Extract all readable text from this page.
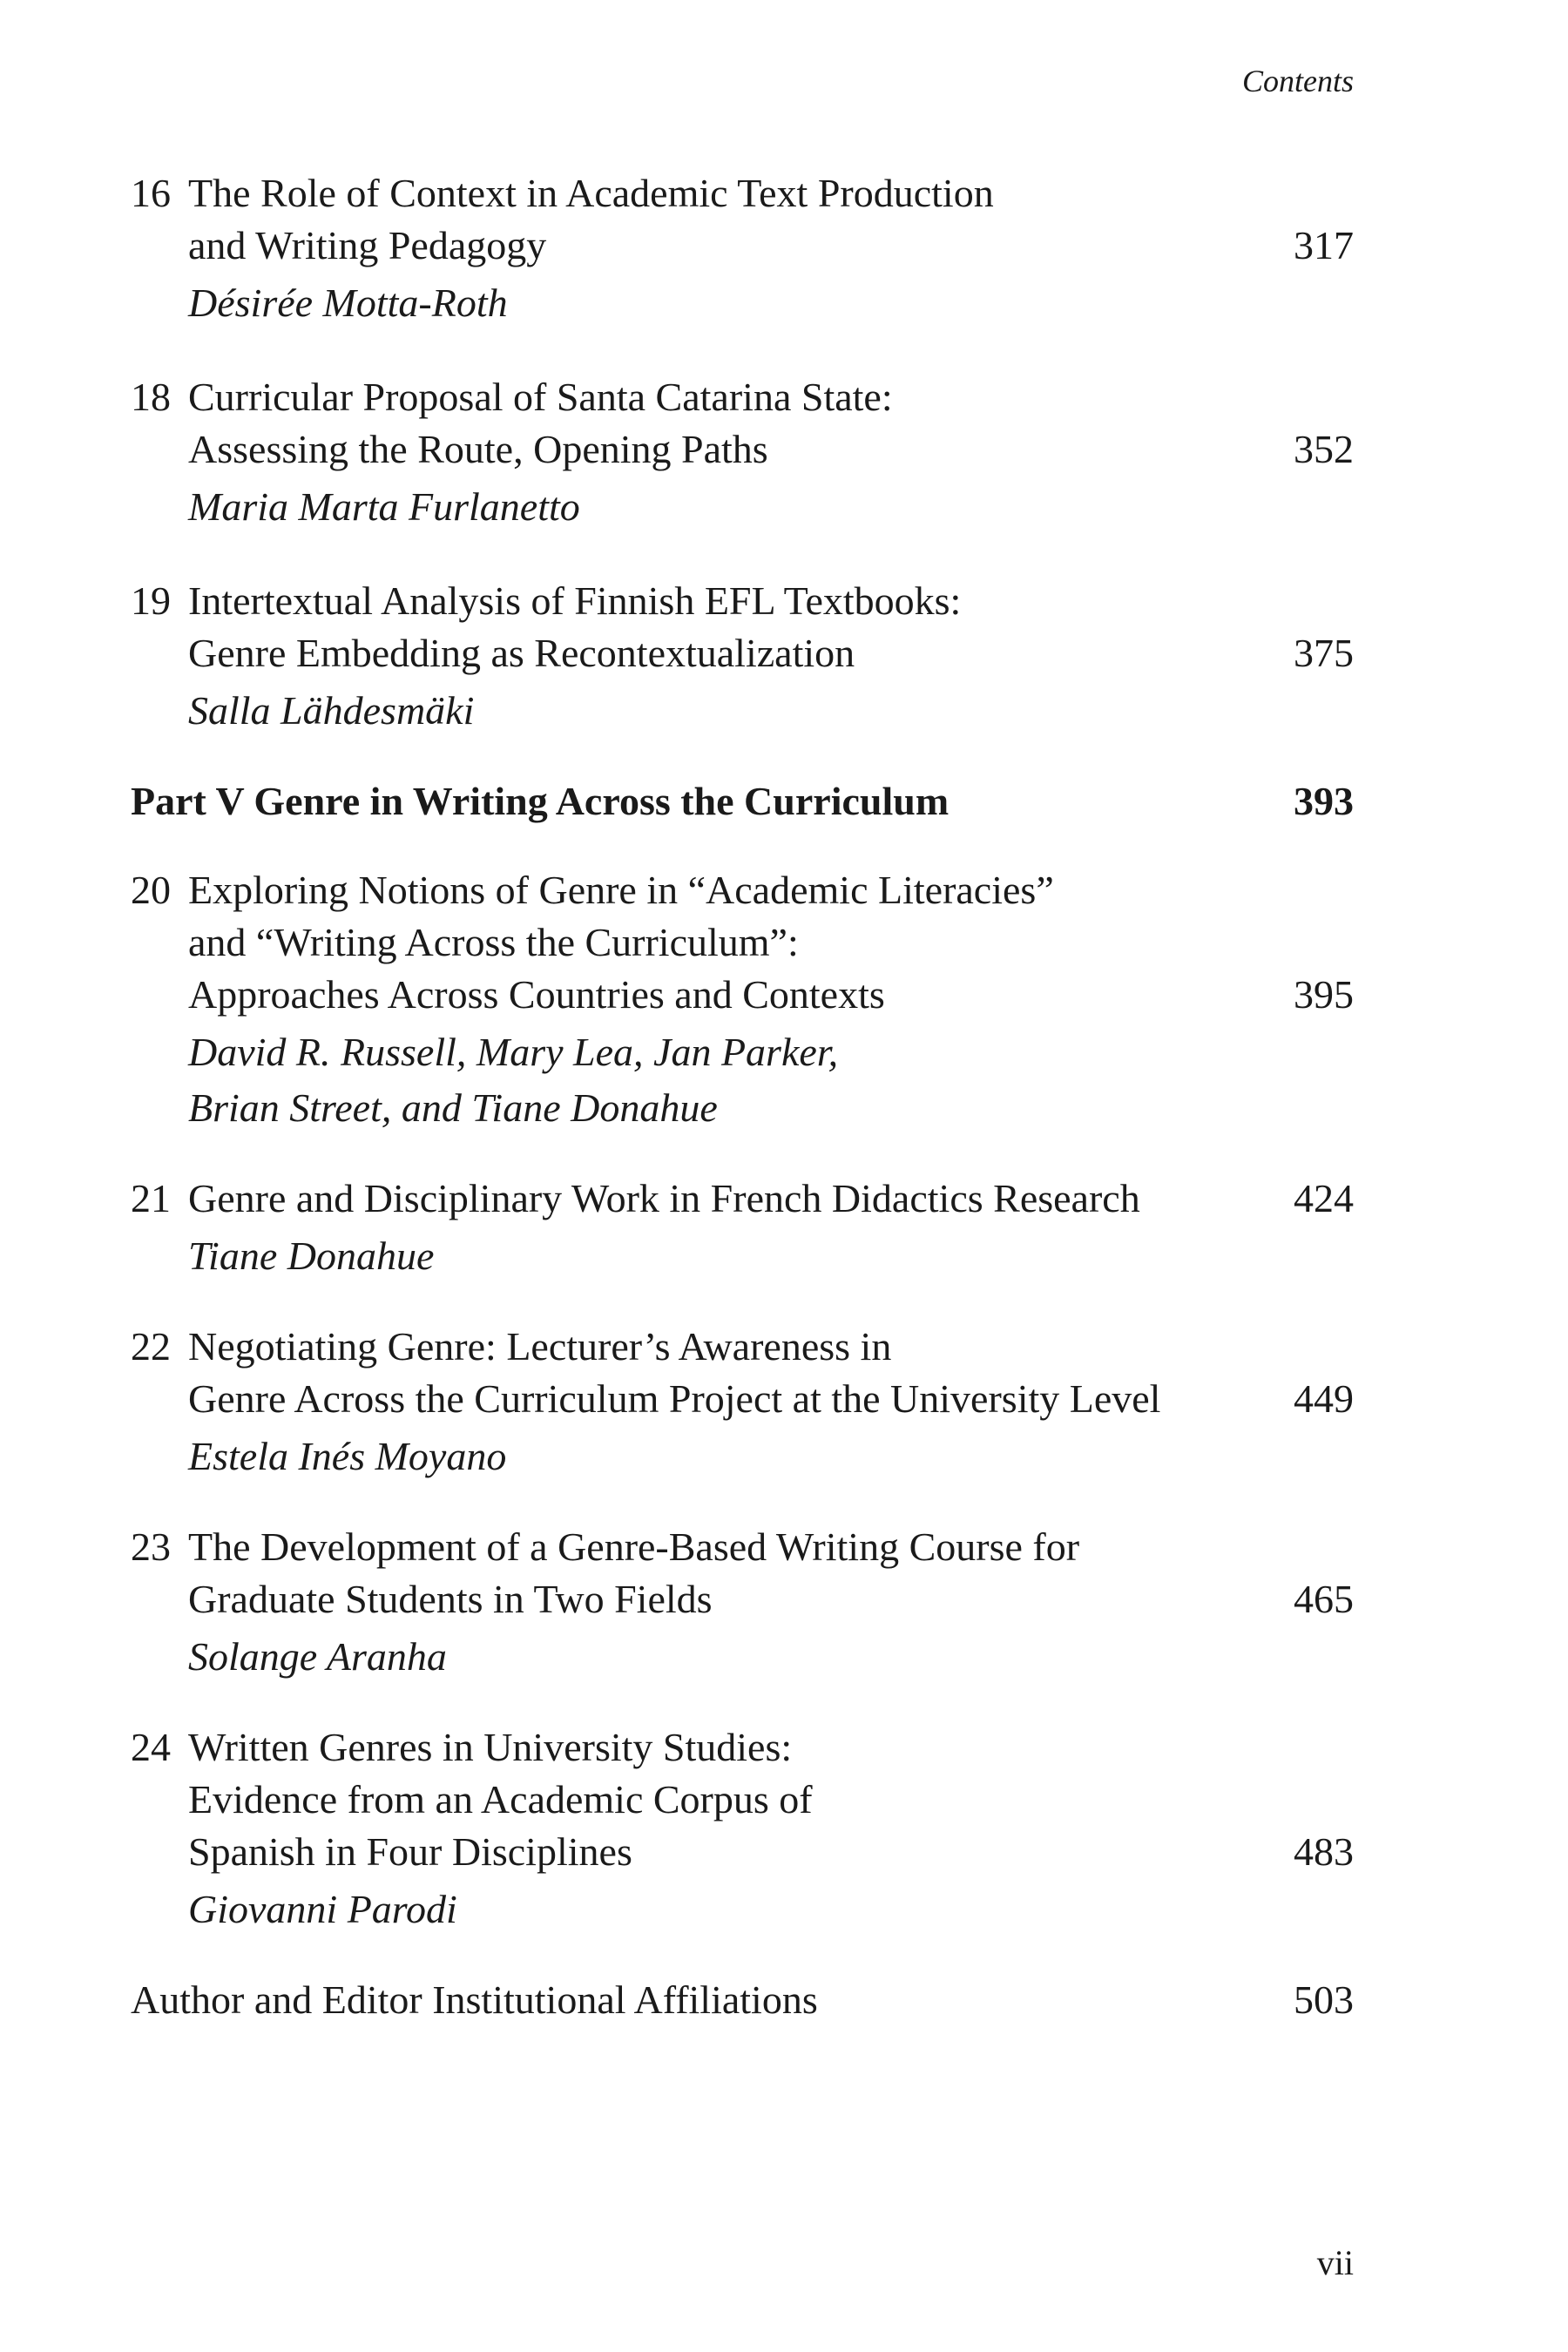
Contents
16 The Role of Context in Academic Text Production
and Writing Pedagogy	317
Désirée Motta-Roth
18 Curricular Proposal of Santa Catarina State:
Assessing the Route, Opening Paths	352
Maria Marta Furlanetto
19 Intertextual Analysis of Finnish EFL Textbooks:
Genre Embedding as Recontextualization	375
Salla Lähdesmäki
Part V Genre in Writing Across the Curriculum	393
20 Exploring Notions of Genre in “Academic Literacies”
and “Writing Across the Curriculum”:
Approaches Across Countries and Contexts	395
David R. Russell, Mary Lea, Jan Parker,
Brian Street, and Tiane Donahue
21 Genre and Disciplinary Work in French Didactics Research	424
Tiane Donahue
22 Negotiating Genre: Lecturer’s Awareness in
Genre Across the Curriculum Project at the University Level	449
Estela Inés Moyano
23 The Development of a Genre-Based Writing Course for
Graduate Students in Two Fields	465
Solange Aranha
24 Written Genres in University Studies:
Evidence from an Academic Corpus of
Spanish in Four Disciplines	483
Giovanni Parodi
Author and Editor Institutional Affiliations	503
vii
